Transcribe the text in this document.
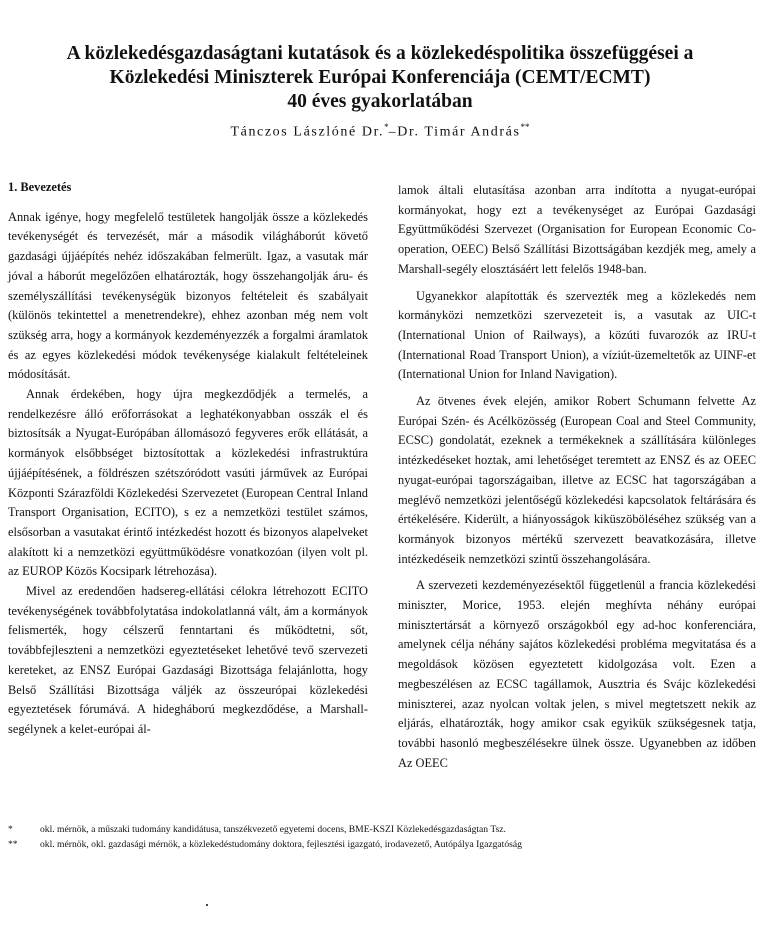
A közlekedésgazdaságtani kutatások és a közlekedéspolitika összefüggései a
Közlekedési Miniszterek Európai Konferenciája (CEMT/ECMT)
40 éves gyakorlatában
Tánczos Lászlóné Dr.*–Dr. Timár András**
1. Bevezetés

Annak igénye, hogy megfelelő testületek hangolják össze a közlekedés tevékenységét és tervezését, már a második világháborút követő gazdasági újjáépítés nehéz időszakában felmerült. Igaz, a vasutak már jóval a háborút megelőzően elhatározták, hogy összehangolják áru- és személyszállítási tevékenységük bizonyos feltételeit és szabályait (különös tekintettel a menetrendekre), ehhez azonban még nem volt szükség arra, hogy a kormányok kezdeményezzék a forgalmi áramlatok és az egyes közlekedési módok tevékenysége kialakult feltételeinek módosítását.

Annak érdekében, hogy újra megkezdődjék a termelés, a rendelkezésre álló erőforrásokat a leghatékonyabban osszák el és biztosítsák a Nyugat-Európában állomásozó fegyveres erők ellátását, a kormányok elsőbbséget biztosítottak a közlekedési infrastruktúra újjáépítésének, a földrészen szétszóródott vasúti járművek az Európai Központi Szárazföldi Közlekedési Szervezetet (European Central Inland Transport Organisation, ECITO), s ez a nemzetközi testület számos, elsősorban a vasutakat érintő intézkedést hozott és bizonyos alapelveket alakított ki a nemzetközi együttműködésre vonatkozóan (ilyen volt pl. az EUROP Közös Kocsipark létrehozása).

Mivel az eredendően hadsereg-ellátási célokra létrehozott ECITO tevékenységének továbbfolytatása indokolatlanná vált, ám a kormányok felismerték, hogy célszerű fenntartani és működtetni, sőt, továbbfejleszteni a nemzetközi egyeztetéseket lehetővé tevő szervezeti kereteket, az ENSZ Európai Gazdasági Bizottsága felajánlotta, hogy Belső Szállítási Bizottsága váljék az összeurópai közlekedési egyeztetések fórumává. A hidegháború megkezdődése, a Marshall-segélynek a kelet-európai ál-

lamok általi elutasítása azonban arra indította a nyugat-európai kormányokat, hogy ezt a tevékenységet az Európai Gazdasági Együttműködési Szervezet (Organisation for European Economic Co-operation, OEEC) Belső Szállítási Bizottságában kezdjék meg, amely a Marshall-segély elosztásáért lett felelős 1948-ban.

Ugyanekkor alapították és szervezték meg a közlekedés nem kormányközi nemzetközi szervezeteit is, a vasutak az UIC-t (International Union of Railways), a közúti fuvarozók az IRU-t (International Road Transport Union), a víziút-üzemeltetők az UINF-et (International Union for Inland Navigation).

Az ötvenes évek elején, amikor Robert Schumann felvette Az Európai Szén- és Acélközösség (European Coal and Steel Community, ECSC) gondolatát, ezeknek a termékeknek a szállítására különleges intézkedéseket hoztak, ami lehetőséget teremtett az ENSZ és az OEEC nyugat-európai tagországaiban, illetve az ECSC hat tagországában a meglévő nemzetközi jelentőségű közlekedési kapcsolatok feltárására és értékelésére. Kiderült, a hiányosságok kiküszöböléséhez szükség van a kormányok bizonyos mértékű szervezett beavatkozására, illetve intézkedéseik nemzetközi szintű összehangolására.

A szervezeti kezdeményezésektől függetlenül a francia közlekedési miniszter, Morice, 1953. elején meghívta néhány európai minisztertársát a környező országokból egy ad-hoc konferenciára, amelynek célja néhány sajátos közlekedési probléma megvitatása és a megoldások közösen egyeztetett kidolgozása volt. Ezen a megbeszélésen az ECSC tagállamok, Ausztria és Svájc közlekedési miniszterei, azaz nyolcan voltak jelen, s mivel megtetszett nekik az eljárás, elhatározták, hogy amikor csak egyikük szükségesnek tatja, további hasonló megbeszélésekre ülnek össze. Ugyanebben az időben Az OEEC

*	okl. mérnök, a műszaki tudomány kandidátusa, tanszékvezető egyetemi docens, BME-KSZI Közlekedésgazdaságtan Tsz.
**	okl. mérnök, okl. gazdasági mérnök, a közlekedéstudomány doktora, fejlesztési igazgató, irodavezető, Autópálya Igazgatóság
